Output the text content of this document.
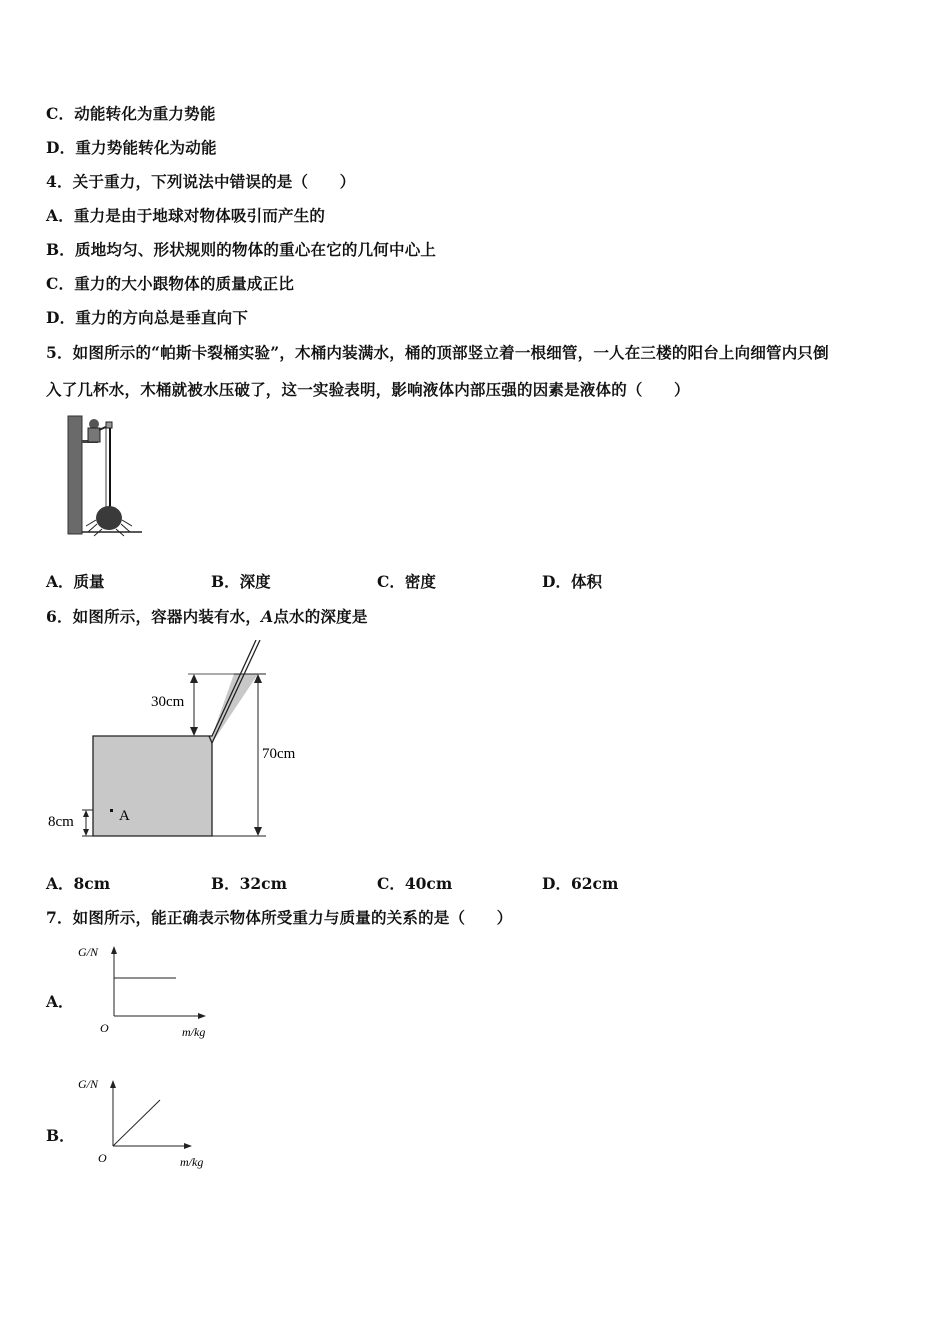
C．动能转化为重力势能
D．重力势能转化为动能
4．关于重力，下列说法中错误的是（　　）
A．重力是由于地球对物体吸引而产生的
B．质地均匀、形状规则的物体的重心在它的几何中心上
C．重力的大小跟物体的质量成正比
D．重力的方向总是垂直向下
5．如图所示的“帕斯卡裂桶实验”，木桶内装满水，桶的顶部竖立着一根细管，一人在三楼的阳台上向细管内只倒
入了几杯水，木桶就被水压破了，这一实验表明，影响液体内部压强的因素是液体的（　　）
A．质量	B．深度	C．密度	D．体积
6．如图所示，容器内装有水，A点水的深度是
30cm
70cm
8cm	A
A．8cm	B．32cm	C．40cm	D．62cm
7．如图所示，能正确表示物体所受重力与质量的关系的是（　　）
A．
G/N
O	m/kg
B．
G/N
O	m/kg
